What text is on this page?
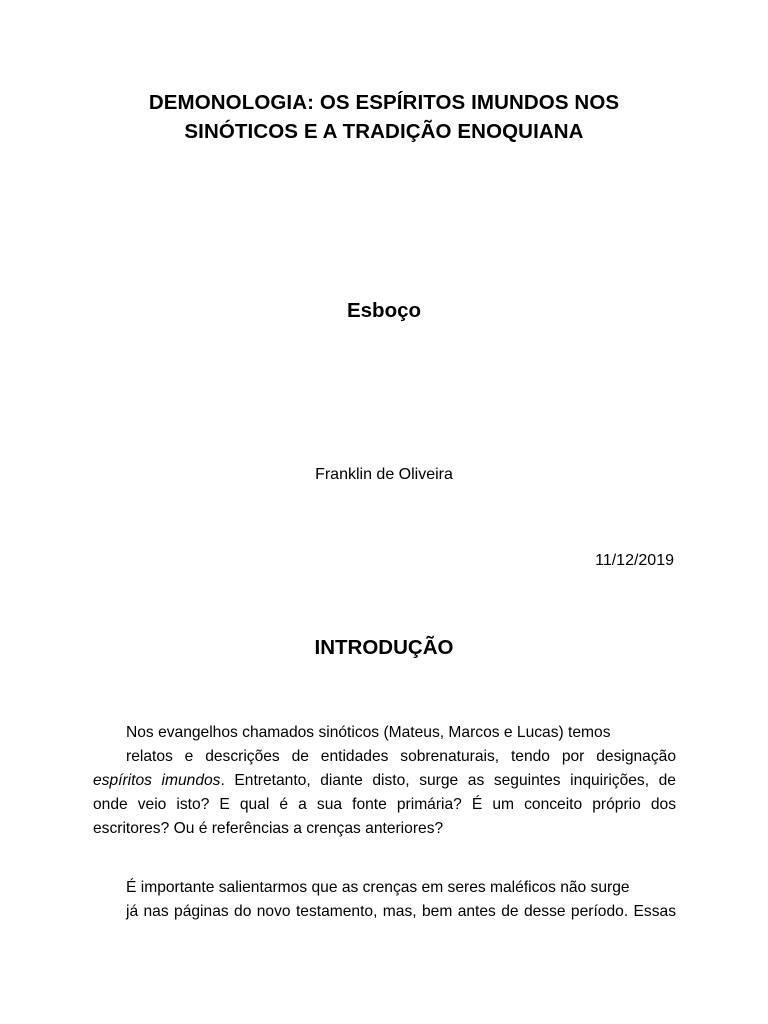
DEMONOLOGIA: OS ESPÍRITOS IMUNDOS NOS
SINÓTICOS E A TRADIÇÃO ENOQUIANA
Esboço
Franklin de Oliveira
11/12/2019
INTRODUÇÃO
Nos evangelhos chamados sinóticos (Mateus, Marcos e Lucas) temos
relatos e descrições de entidades sobrenaturais, tendo por designação
espíritos imundos. Entretanto, diante disto, surge as seguintes inquirições, de
onde veio isto? E qual é a sua fonte primária? É um conceito próprio dos
escritores? Ou é referências a crenças anteriores?
É importante salientarmos que as crenças em seres maléficos não surge
já nas páginas do novo testamento, mas, bem antes de desse período. Essas
